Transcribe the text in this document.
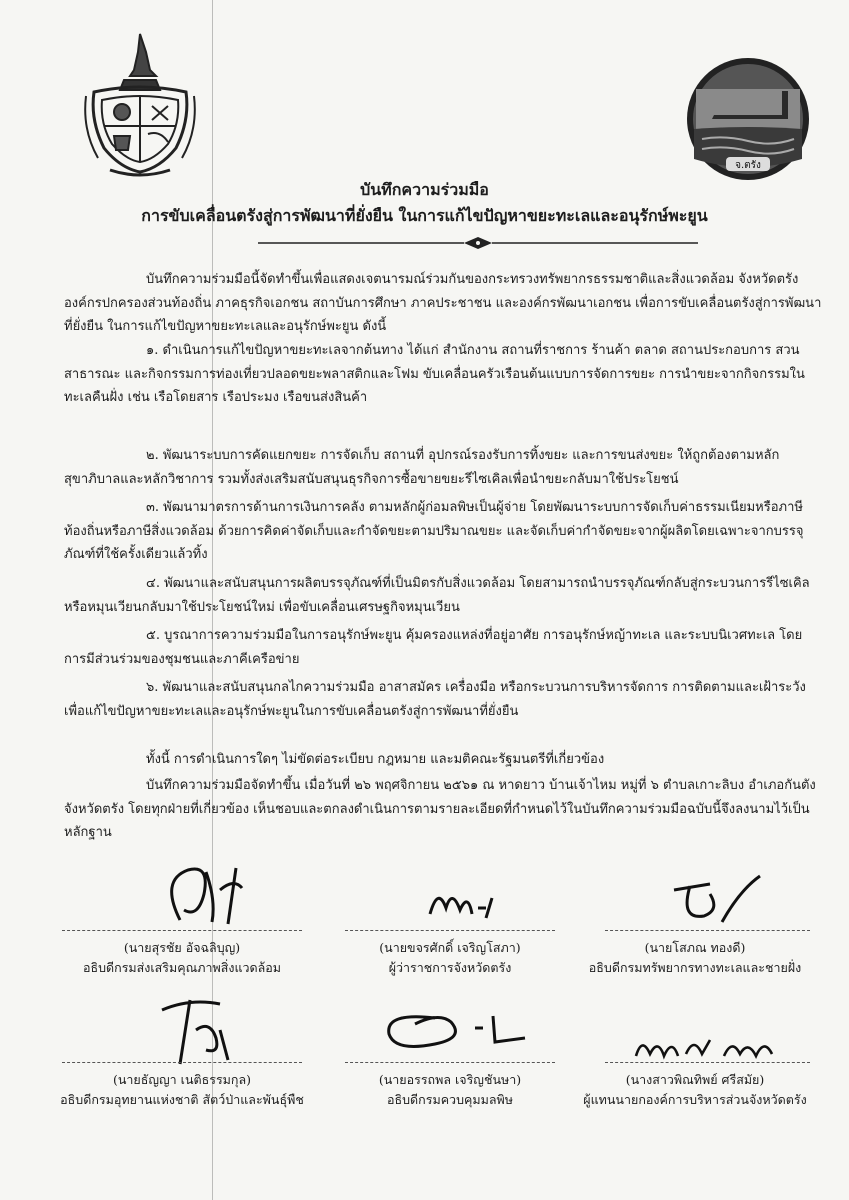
จ.ตรัง
บันทึกความร่วมมือ
การขับเคลื่อนตรังสู่การพัฒนาที่ยั่งยืน ในการแก้ไขปัญหาขยะทะเลและอนุรักษ์พะยูน
บันทึกความร่วมมือนี้จัดทำขึ้นเพื่อแสดงเจตนารมณ์ร่วมกันของกระทรวงทรัพยากรธรรมชาติและสิ่งแวดล้อม จังหวัดตรัง องค์กรปกครองส่วนท้องถิ่น ภาคธุรกิจเอกชน สถาบันการศึกษา ภาคประชาชน และองค์กรพัฒนาเอกชน เพื่อการขับเคลื่อนตรังสู่การพัฒนาที่ยั่งยืน ในการแก้ไขปัญหาขยะทะเลและอนุรักษ์พะยูน ดังนี้
๑. ดำเนินการแก้ไขปัญหาขยะทะเลจากต้นทาง ได้แก่ สำนักงาน สถานที่ราชการ ร้านค้า ตลาด สถานประกอบการ สวนสาธารณะ และกิจกรรมการท่องเที่ยวปลอดขยะพลาสติกและโฟม ขับเคลื่อนครัวเรือนต้นแบบการจัดการขยะ การนำขยะจากกิจกรรมในทะเลคืนฝั่ง เช่น เรือโดยสาร เรือประมง เรือขนส่งสินค้า
๒. พัฒนาระบบการคัดแยกขยะ การจัดเก็บ สถานที่ อุปกรณ์รองรับการทิ้งขยะ และการขนส่งขยะ ให้ถูกต้องตามหลักสุขาภิบาลและหลักวิชาการ รวมทั้งส่งเสริมสนับสนุนธุรกิจการซื้อขายขยะรีไซเคิลเพื่อนำขยะกลับมาใช้ประโยชน์
๓. พัฒนามาตรการด้านการเงินการคลัง ตามหลักผู้ก่อมลพิษเป็นผู้จ่าย โดยพัฒนาระบบการจัดเก็บค่าธรรมเนียมหรือภาษีท้องถิ่นหรือภาษีสิ่งแวดล้อม ด้วยการคิดค่าจัดเก็บและกำจัดขยะตามปริมาณขยะ และจัดเก็บค่ากำจัดขยะจากผู้ผลิตโดยเฉพาะจากบรรจุภัณฑ์ที่ใช้ครั้งเดียวแล้วทิ้ง
๔. พัฒนาและสนับสนุนการผลิตบรรจุภัณฑ์ที่เป็นมิตรกับสิ่งแวดล้อม โดยสามารถนำบรรจุภัณฑ์กลับสู่กระบวนการรีไซเคิล หรือหมุนเวียนกลับมาใช้ประโยชน์ใหม่ เพื่อขับเคลื่อนเศรษฐกิจหมุนเวียน
๕. บูรณาการความร่วมมือในการอนุรักษ์พะยูน คุ้มครองแหล่งที่อยู่อาศัย การอนุรักษ์หญ้าทะเล และระบบนิเวศทะเล โดยการมีส่วนร่วมของชุมชนและภาคีเครือข่าย
๖. พัฒนาและสนับสนุนกลไกความร่วมมือ อาสาสมัคร เครื่องมือ หรือกระบวนการบริหารจัดการ การติดตามและเฝ้าระวัง เพื่อแก้ไขปัญหาขยะทะเลและอนุรักษ์พะยูนในการขับเคลื่อนตรังสู่การพัฒนาที่ยั่งยืน
ทั้งนี้ การดำเนินการใดๆ ไม่ขัดต่อระเบียบ กฎหมาย และมติคณะรัฐมนตรีที่เกี่ยวข้อง
บันทึกความร่วมมือจัดทำขึ้น เมื่อวันที่ ๒๖ พฤศจิกายน ๒๕๖๑ ณ หาดยาว บ้านเจ้าไหม หมู่ที่ ๖ ตำบลเกาะลิบง อำเภอกันตัง จังหวัดตรัง โดยทุกฝ่ายที่เกี่ยวข้อง เห็นชอบและตกลงดำเนินการตามรายละเอียดที่กำหนดไว้ในบันทึกความร่วมมือฉบับนี้จึงลงนามไว้เป็นหลักฐาน
(นายสุรชัย อัจฉลิบุญ)
อธิบดีกรมส่งเสริมคุณภาพสิ่งแวดล้อม
(นายขจรศักดิ์ เจริญโสภา)
ผู้ว่าราชการจังหวัดตรัง
(นายโสภณ ทองดี)
อธิบดีกรมทรัพยากรทางทะเลและชายฝั่ง
(นายธัญญา เนติธรรมกุล)
อธิบดีกรมอุทยานแห่งชาติ สัตว์ป่าและพันธุ์พืช
(นายอรรถพล เจริญชันษา)
อธิบดีกรมควบคุมมลพิษ
(นางสาวพิณทิพย์ ศรีสมัย)
ผู้แทนนายกองค์การบริหารส่วนจังหวัดตรัง
